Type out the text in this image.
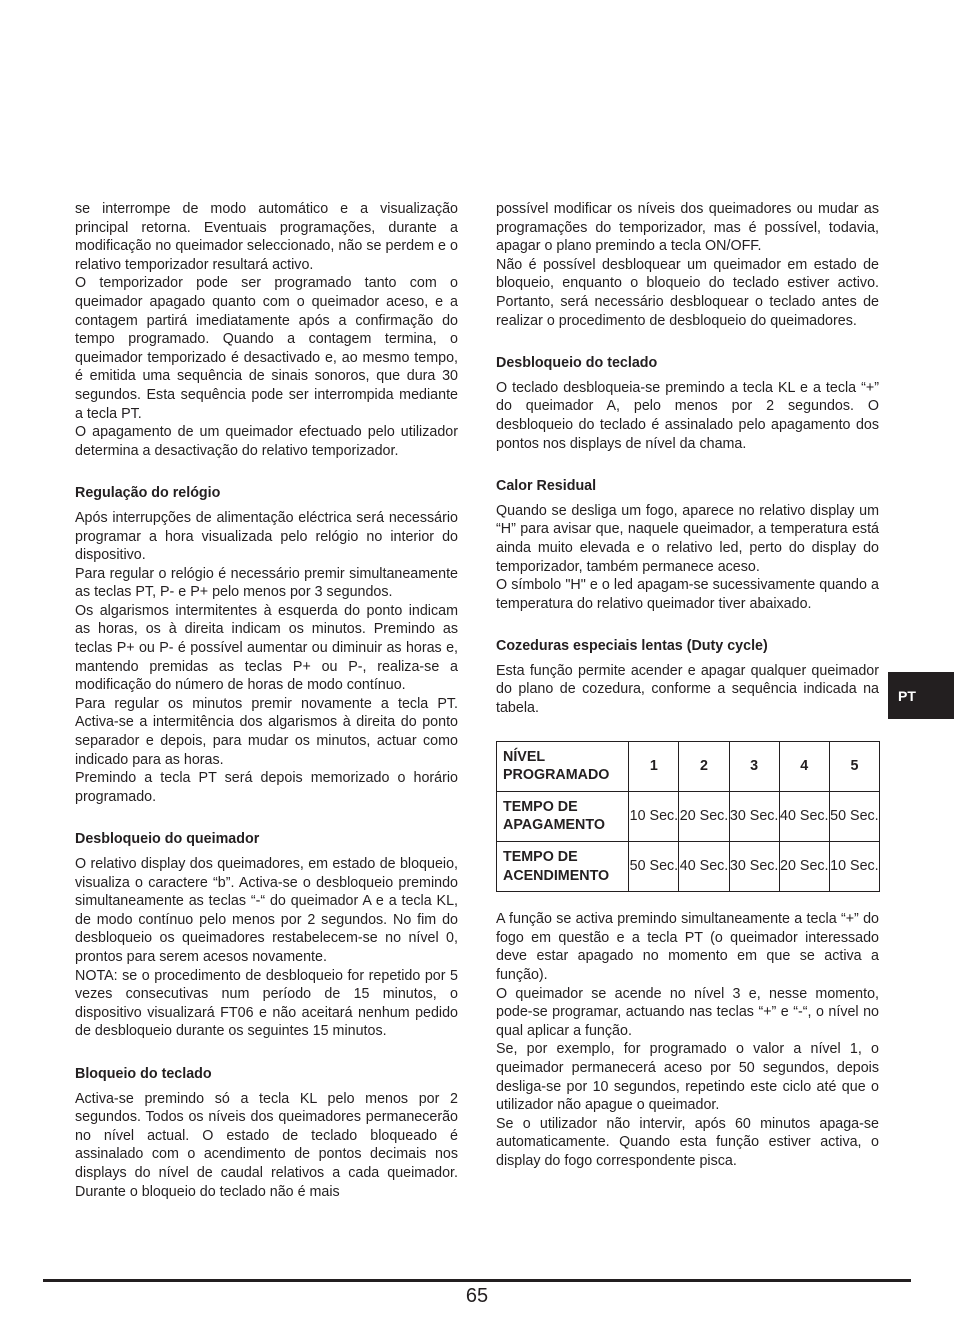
se interrompe de modo automático e a visualização principal retorna. Eventuais programações, durante a modificação no queimador seleccionado, não se perdem e o relativo temporizador resultará activo.

O temporizador pode ser programado tanto com o queimador apagado quanto com o queimador aceso, e a contagem partirá imediatamente após a confirmação do tempo programado. Quando a contagem termina, o queimador temporizado é desactivado e, ao mesmo tempo, é emitida uma sequência de sinais sonoros, que dura 30 segundos. Esta sequência pode ser interrompida mediante a tecla PT.

O apagamento de um queimador efectuado pelo utilizador determina a desactivação do relativo temporizador.

Regulação do relógio

Após interrupções de alimentação eléctrica será necessário programar a hora visualizada pelo relógio no interior do dispositivo.

Para regular o relógio é necessário premir simultaneamente as teclas PT, P- e P+ pelo menos por 3 segundos.

Os algarismos intermitentes à esquerda do ponto indicam as horas, os à direita indicam os minutos. Premindo as teclas P+ ou P- é possível aumentar ou diminuir as horas e, mantendo premidas as teclas P+ ou P-, realiza-se a modificação do número de horas de modo contínuo.

Para regular os minutos premir novamente a tecla PT. Activa-se a intermitência dos algarismos à direita do ponto separador e depois, para mudar os minutos, actuar como indicado para as horas.

Premindo a tecla PT será depois memorizado o horário programado.

Desbloqueio do queimador

O relativo display dos queimadores, em estado de bloqueio, visualiza o caractere “b”. Activa-se o desbloqueio premindo simultaneamente as teclas “-“ do queimador A e a tecla KL, de modo contínuo pelo menos por 2 segundos. No fim do desbloqueio os queimadores restabelecem-se no nível 0, prontos para serem acesos novamente.

NOTA: se o procedimento de desbloqueio for repetido por 5 vezes consecutivas num período de 15 minutos, o dispositivo visualizará FT06 e não aceitará nenhum pedido de desbloqueio durante os seguintes 15 minutos.

Bloqueio do teclado

Activa-se premindo só a tecla KL pelo menos por 2 segundos. Todos os níveis dos queimadores permanecerão no nível actual. O estado de teclado bloqueado é assinalado com o acendimento de pontos decimais nos displays do nível de caudal relativos a cada queimador. Durante o bloqueio do teclado não é mais

possível modificar os níveis dos queimadores ou mudar as programações do temporizador, mas é possível, todavia, apagar o plano premindo a tecla ON/OFF.

Não é possível desbloquear um queimador em estado de bloqueio, enquanto o bloqueio do teclado estiver activo. Portanto, será necessário desbloquear o teclado antes de realizar o procedimento de desbloqueio do queimadores.

Desbloqueio do teclado

O teclado desbloqueia-se premindo a tecla KL e a tecla “+” do queimador A, pelo menos por 2 segundos. O desbloqueio do teclado é assinalado pelo apagamento dos pontos nos displays de nível da chama.

Calor Residual

Quando se desliga um fogo, aparece no relativo display um “H” para avisar que, naquele queimador, a temperatura está ainda muito elevada e o relativo led, perto do display do temporizador, também permanece aceso.

O símbolo "H" e o led apagam-se sucessivamente quando a temperatura do relativo queimador tiver abaixado.

Cozeduras especiais lentas (Duty cycle)

Esta função permite acender e apagar qualquer queimador do plano de cozedura, conforme a sequência indicada na tabela.

NÍVEL PROGRAMADO	1	2	3	4	5
TEMPO DE APAGAMENTO	10 Sec.	20 Sec.	30 Sec.	40 Sec.	50 Sec.
TEMPO DE ACENDIMENTO	50 Sec.	40 Sec.	30 Sec.	20 Sec.	10 Sec.

A função se activa premindo simultaneamente a tecla “+” do fogo em questão e a tecla PT (o queimador interessado deve estar apagado no momento em que se activa a função).

O queimador se acende no nível 3 e, nesse momento, pode-se programar, actuando nas teclas “+” e “-“, o nível no qual aplicar a função.

Se, por exemplo, for programado o valor a nível 1, o queimador permanecerá aceso por 50 segundos, depois desliga-se por 10 segundos, repetindo este ciclo até que o utilizador não apague o queimador.

Se o utilizador não intervir, após 60 minutos apaga-se automaticamente. Quando esta função estiver activa, o display do fogo correspondente pisca.

PT
65
